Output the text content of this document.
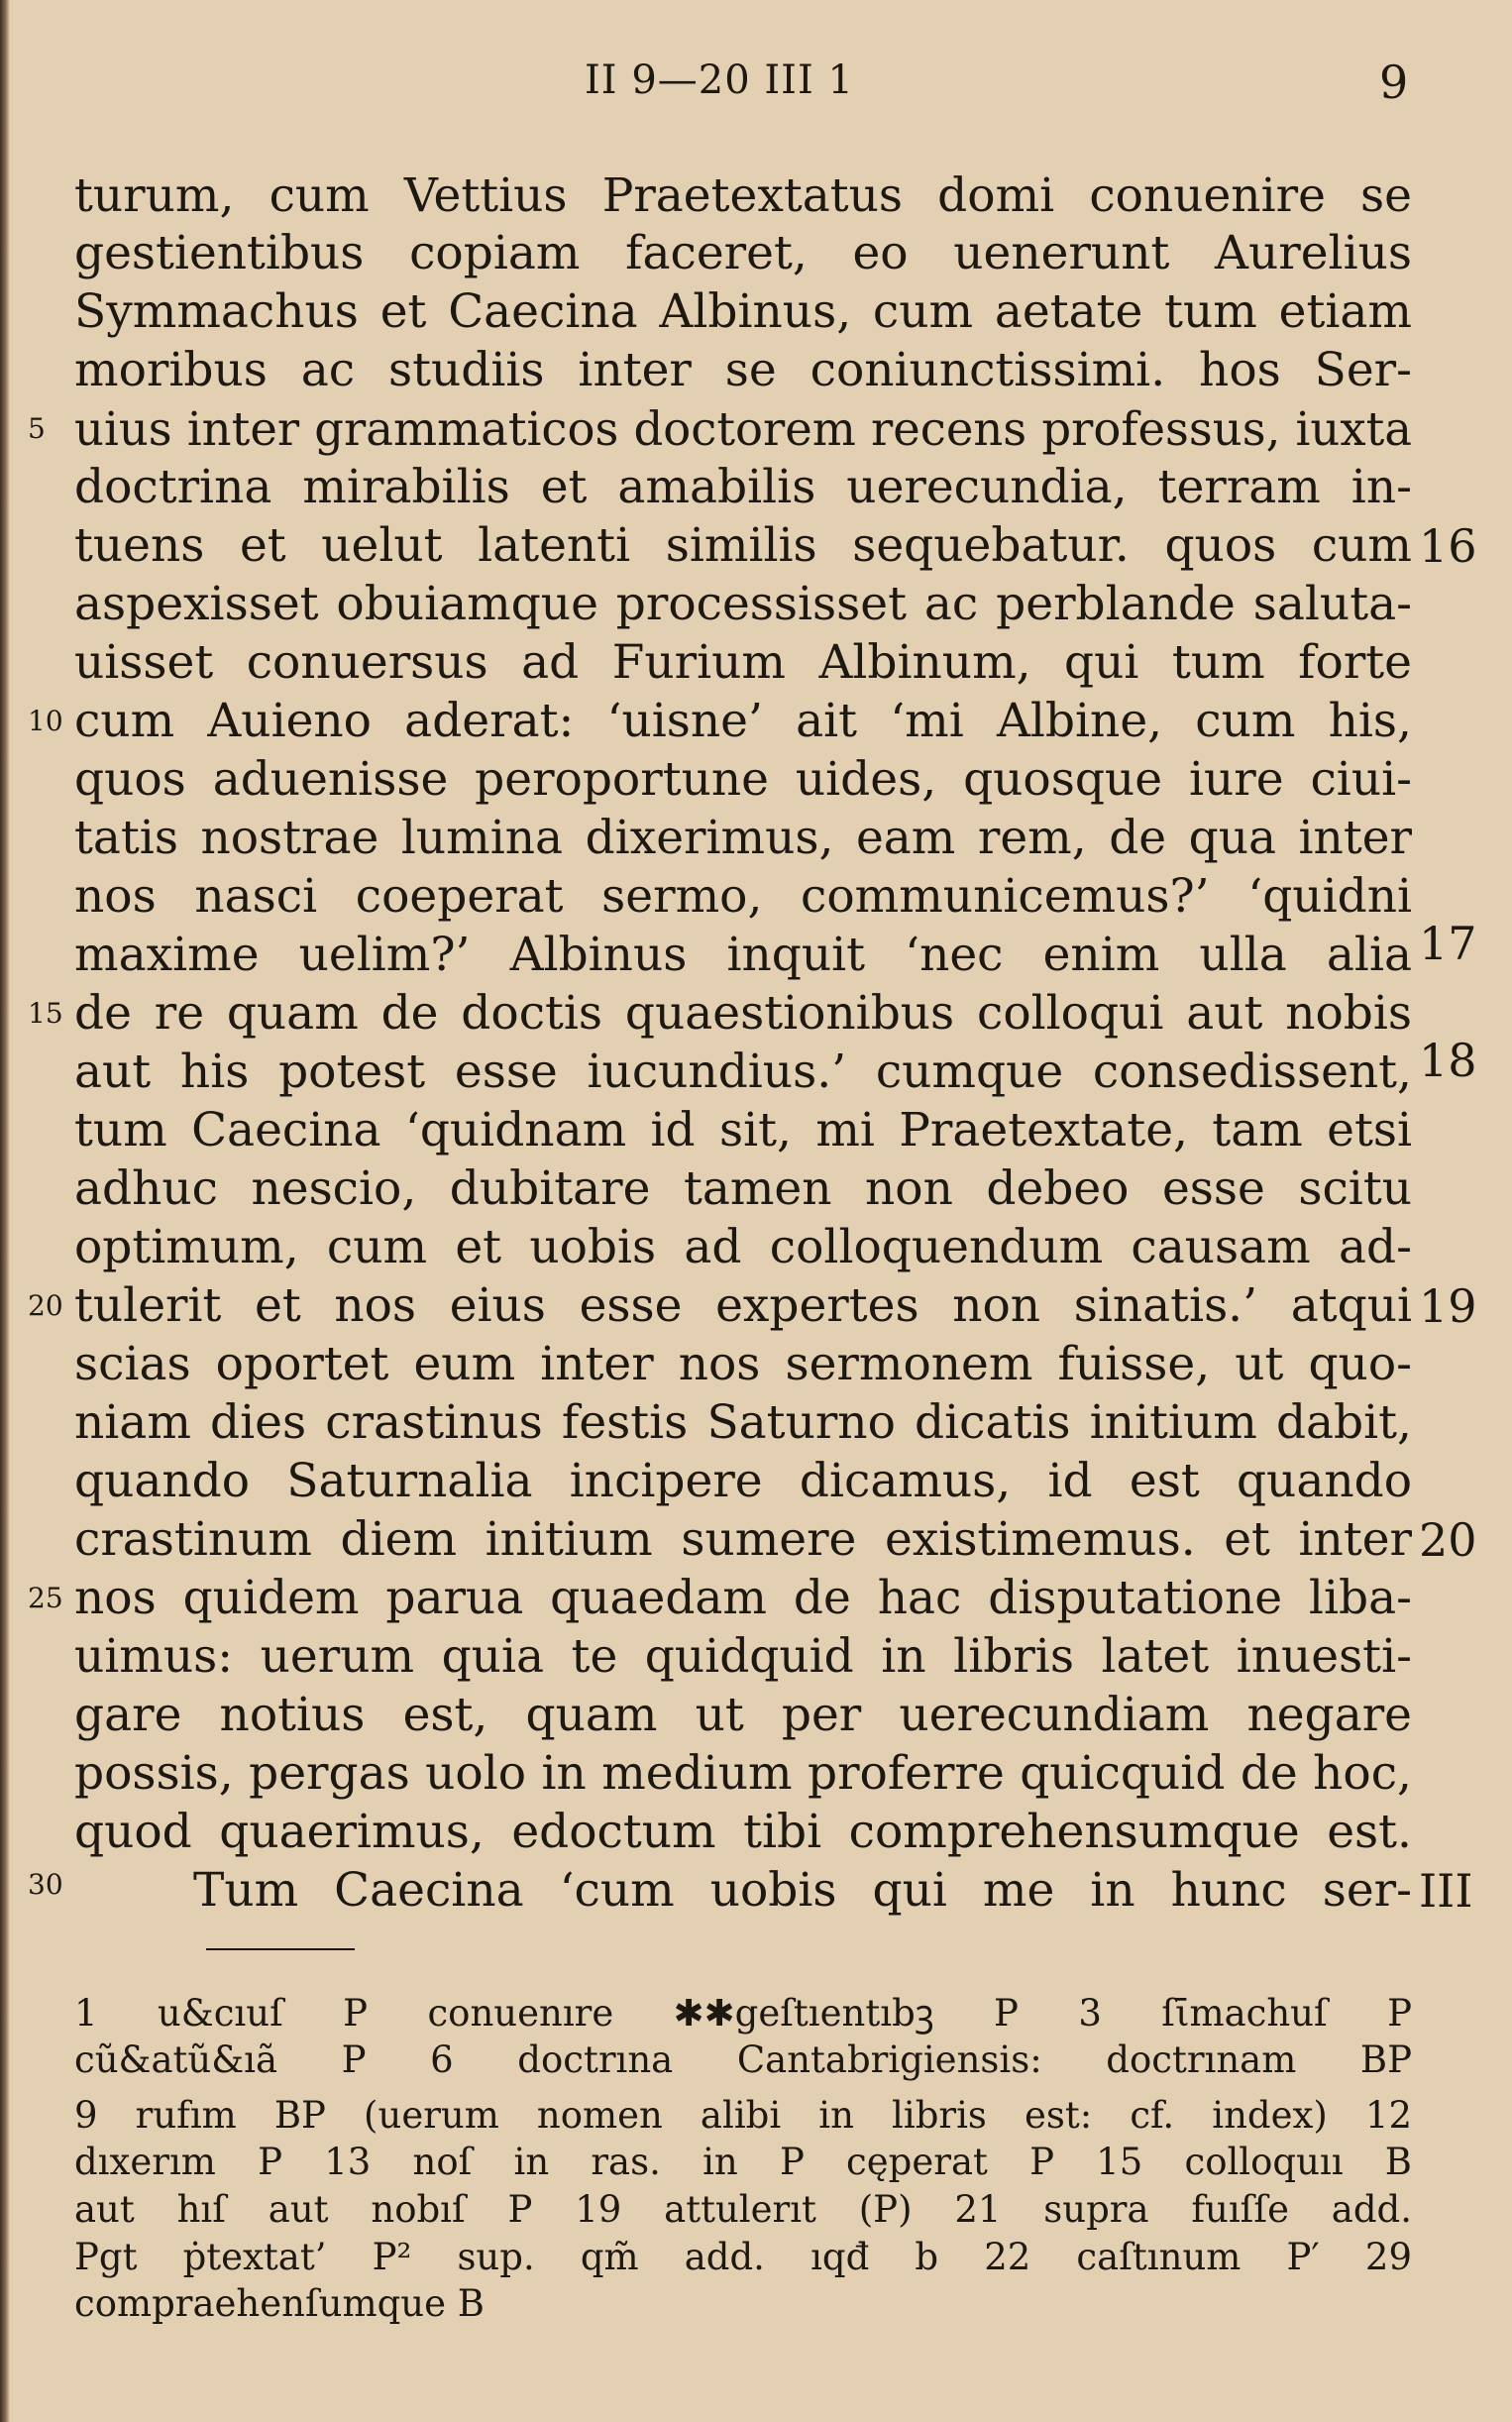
II 9—20 III 1	9
turum, cum Vettius Praetextatus domi conuenire se
gestientibus copiam faceret, eo uenerunt Aurelius
Symmachus et Caecina Albinus, cum aetate tum etiam
moribus ac studiis inter se coniunctissimi. hos Ser-
uius inter grammaticos doctorem recens professus, iuxta
doctrina mirabilis et amabilis uerecundia, terram in-
tuens et uelut latenti similis sequebatur. quos cum
aspexisset obuiamque processisset ac perblande saluta-
uisset conuersus ad Furium Albinum, qui tum forte
cum Auieno aderat: ‘uisne’ ait ‘mi Albine, cum his,
quos aduenisse peroportune uides, quosque iure ciui-
tatis nostrae lumina dixerimus, eam rem, de qua inter
nos nasci coeperat sermo, communicemus?’ ‘quidni
maxime uelim?’ Albinus inquit ‘nec enim ulla alia
de re quam de doctis quaestionibus colloqui aut nobis
aut his potest esse iucundius.’ cumque consedissent,
tum Caecina ‘quidnam id sit, mi Praetextate, tam etsi
adhuc nescio, dubitare tamen non debeo esse scitu
optimum, cum et uobis ad colloquendum causam ad-
tulerit et nos eius esse expertes non sinatis.’ atqui
scias oportet eum inter nos sermonem fuisse, ut quo-
niam dies crastinus festis Saturno dicatis initium dabit,
quando Saturnalia incipere dicamus, id est quando
crastinum diem initium sumere existimemus. et inter
nos quidem parua quaedam de hac disputatione liba-
uimus: uerum quia te quidquid in libris latet inuesti-
gare notius est, quam ut per uerecundiam negare
possis, pergas uolo in medium proferre quicquid de hoc,
quod quaerimus, edoctum tibi comprehensumque est.
Tum Caecina ‘cum uobis qui me in hunc ser-
5
10
15
20
25
30
16
17
18
19
20
III
1 u&cıuſ P conuenıre ✱✱geſtıentıbꝫ P 3 ſῑmachuſ P
cũ&atũ&ıã P 6 doctrına Cantabrigiensis: doctrınam BP
9 rufım BP (uerum nomen alibi in libris est: cf. index) 12
dıxerım P 13 noſ in ras. in P cęperat P 15 colloquıı B
aut hıſ aut nobıſ P 19 attulerıt (P) 21 supra fuıſſe add.
Pgt ṗtextat’ P² sup. qm̃ add. ıqđ b 22 caſtınum P′ 29
compraehenſumque B
